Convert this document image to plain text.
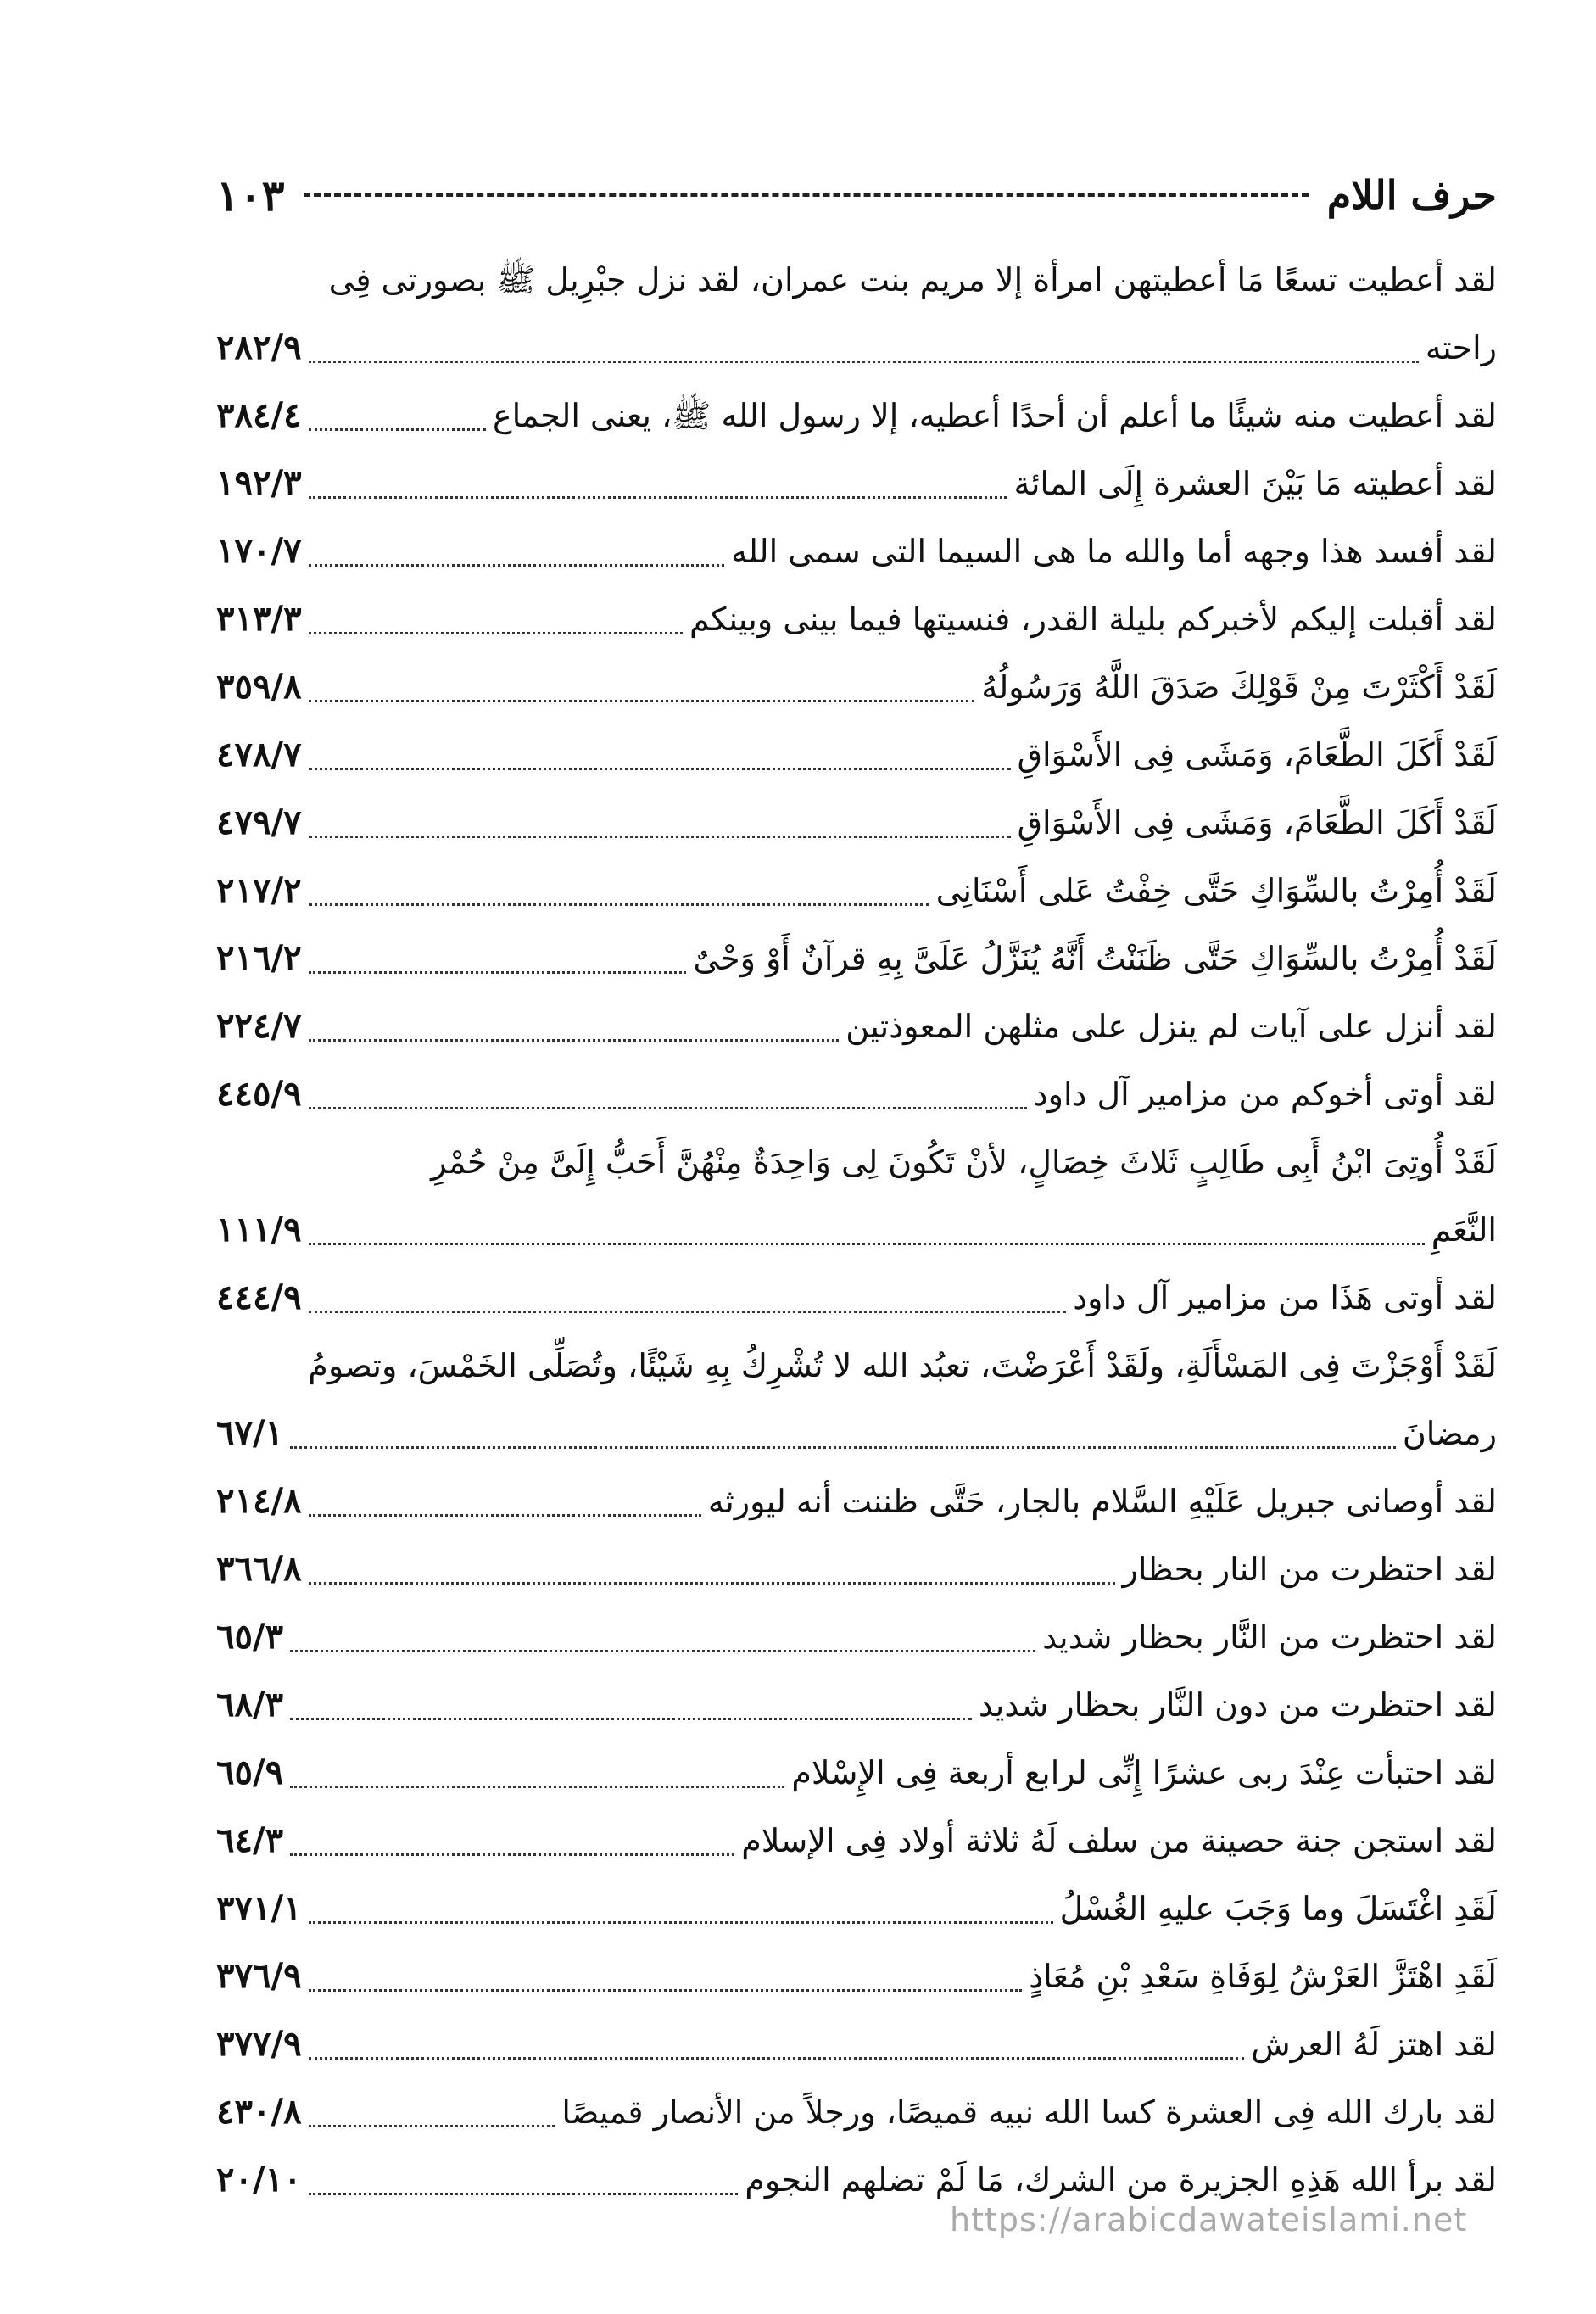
حرف اللام
١٠٣
لقد أعطيت تسعًا مَا أعطيتهن امرأة إلا مريم بنت عمران، لقد نزل جبْرِيل ﷺ بصورتى فِى
راحته
٢٨٢/٩
لقد أعطيت منه شيئًا ما أعلم أن أحدًا أعطيه، إلا رسول الله ﷺ، يعنى الجماع
٣٨٤/٤
لقد أعطيته مَا بَيْنَ العشرة إِلَى المائة
١٩٢/٣
لقد أفسد هذا وجهه أما والله ما هى السيما التى سمى الله
١٧٠/٧
لقد أقبلت إليكم لأخبركم بليلة القدر، فنسيتها فيما بينى وبينكم
٣١٣/٣
لَقَدْ أَكْثَرْتَ مِنْ قَوْلِكَ صَدَقَ اللَّهُ وَرَسُولُهُ
٣٥٩/٨
لَقَدْ أَكَلَ الطَّعَامَ، وَمَشَى فِى الأَسْوَاقِ
٤٧٨/٧
لَقَدْ أَكَلَ الطَّعَامَ، وَمَشَى فِى الأَسْوَاقِ
٤٧٩/٧
لَقَدْ أُمِرْتُ بالسِّوَاكِ حَتَّى خِفْتُ عَلى أَسْنَانِى
٢١٧/٢
لَقَدْ أُمِرْتُ بالسِّوَاكِ حَتَّى ظَنَنْتُ أَنَّهُ يُنَزَّلُ عَلَىَّ بِهِ قرآنٌ أَوْ وَحْىٌ
٢١٦/٢
لقد أنزل على آيات لم ينزل على مثلهن المعوذتين
٢٢٤/٧
لقد أوتى أخوكم من مزامير آل داود
٤٤٥/٩
لَقَدْ أُوتِىَ ابْنُ أَبِى طَالِبٍ ثَلاثَ خِصَالٍ، لأنْ تَكُونَ لِى وَاحِدَةٌ مِنْهُنَّ أَحَبُّ إِلَىَّ مِنْ حُمْرِ
النَّعَمِ
١١١/٩
لقد أوتى هَذَا من مزامير آل داود
٤٤٤/٩
لَقَدْ أَوْجَزْتَ فِى المَسْأَلَةِ، ولَقَدْ أَعْرَضْتَ، تعبُد الله لا تُشْرِكُ بِهِ شَيْئًا، وتُصَلِّى الخَمْسَ، وتصومُ
رمضانَ
٦٧/١
لقد أوصانى جبريل عَلَيْهِ السَّلام بالجار، حَتَّى ظننت أنه ليورثه
٢١٤/٨
لقد احتظرت من النار بحظار
٣٦٦/٨
لقد احتظرت من النَّار بحظار شديد
٦٥/٣
لقد احتظرت من دون النَّار بحظار شديد
٦٨/٣
لقد احتبأت عِنْدَ ربى عشرًا إِنِّى لرابع أربعة فِى الإِسْلام
٦٥/٩
لقد استجن جنة حصينة من سلف لَهُ ثلاثة أولاد فِى الإسلام
٦٤/٣
لَقَدِ اغْتَسَلَ وما وَجَبَ عليهِ الغُسْلُ
٣٧١/١
لَقَدِ اهْتَزَّ العَرْشُ لِوَفَاةِ سَعْدِ بْنِ مُعَاذٍ
٣٧٦/٩
لقد اهتز لَهُ العرش
٣٧٧/٩
لقد بارك الله فِى العشرة كسا الله نبيه قميصًا، ورجلاً من الأنصار قميصًا
٤٣٠/٨
لقد برأ الله هَذِهِ الجزيرة من الشرك، مَا لَمْ تضلهم النجوم
٢٠/١٠
https://arabicdawateislami.net
